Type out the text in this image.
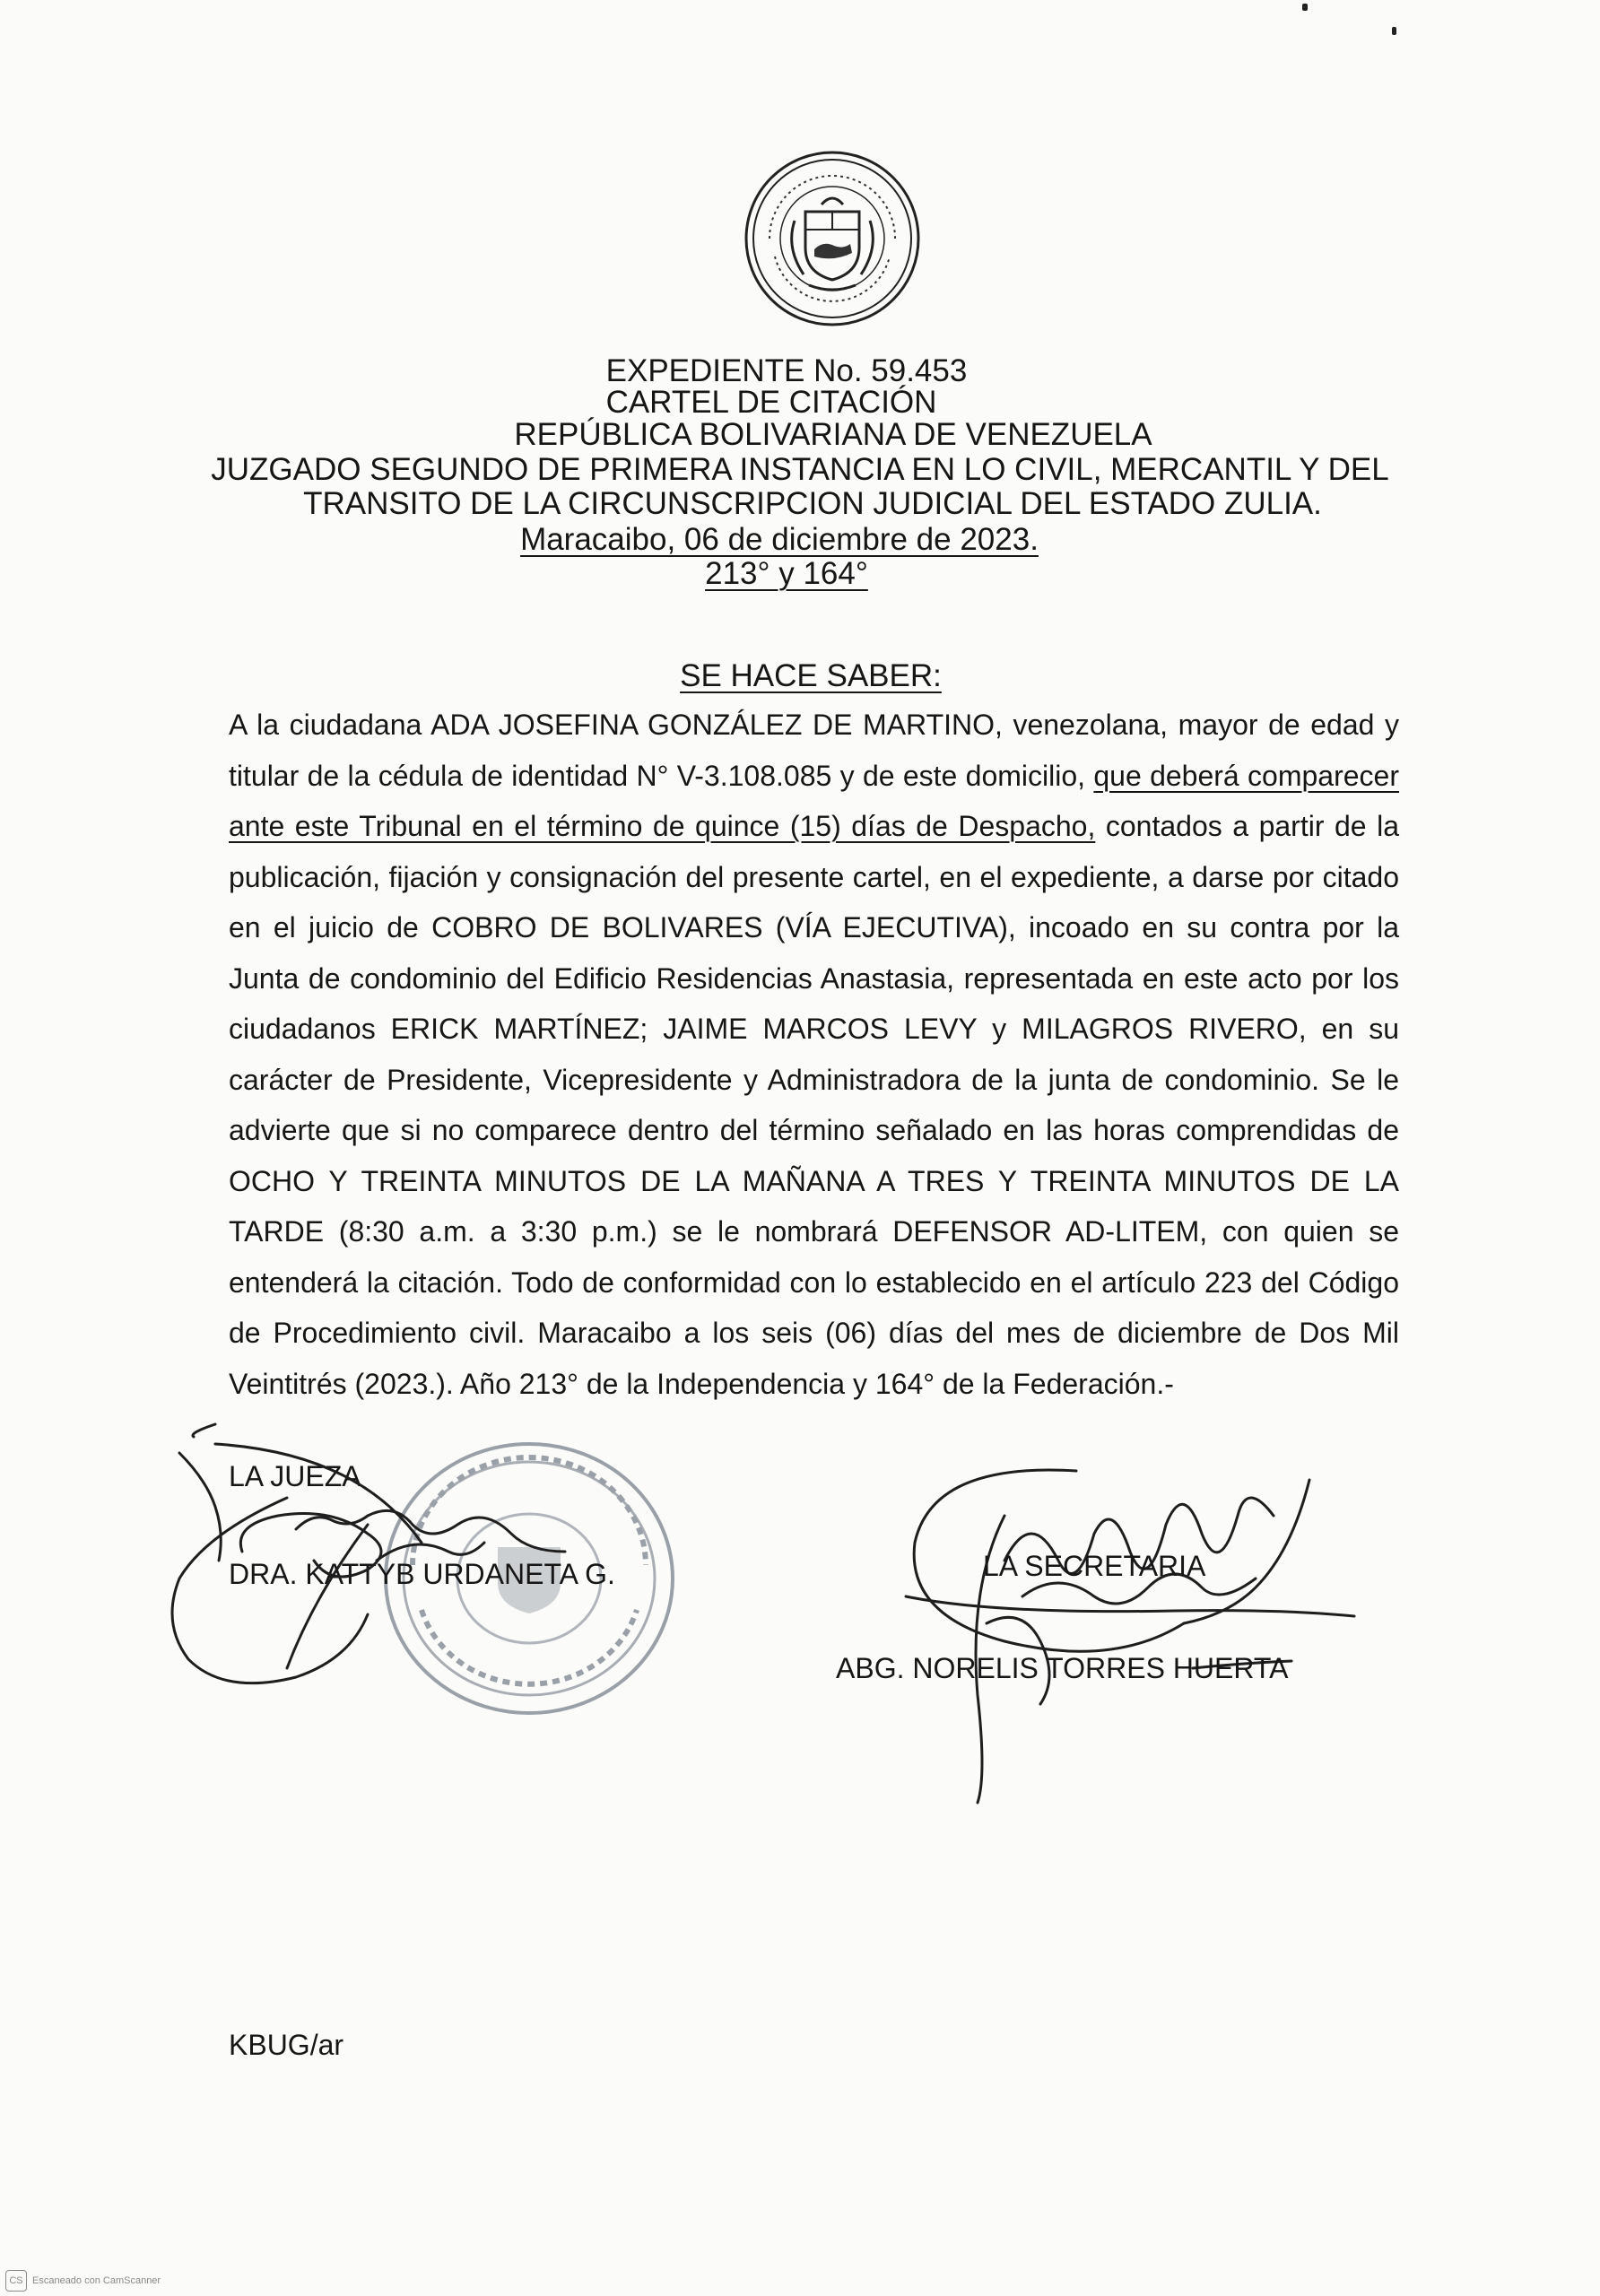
EXPEDIENTE No. 59.453
CARTEL DE CITACIÓN
REPÚBLICA BOLIVARIANA DE VENEZUELA
JUZGADO SEGUNDO DE PRIMERA INSTANCIA EN LO CIVIL, MERCANTIL Y DEL
TRANSITO DE LA CIRCUNSCRIPCION JUDICIAL DEL ESTADO ZULIA.
Maracaibo, 06 de diciembre de 2023.
213° y 164°
SE HACE SABER:
A la ciudadana ADA JOSEFINA GONZÁLEZ DE MARTINO, venezolana, mayor de edad y titular de la cédula de identidad N° V-3.108.085 y de este domicilio, que deberá comparecer ante este Tribunal en el término de quince (15) días de Despacho, contados a partir de la publicación, fijación y consignación del presente cartel, en el expediente, a darse por citado en el juicio de COBRO DE BOLIVARES (VÍA EJECUTIVA), incoado en su contra por la Junta de condominio del Edificio Residencias Anastasia, representada en este acto por los ciudadanos ERICK MARTÍNEZ; JAIME MARCOS LEVY y MILAGROS RIVERO, en su carácter de Presidente, Vicepresidente y Administradora de la junta de condominio. Se le advierte que si no comparece dentro del término señalado en las horas comprendidas de OCHO Y TREINTA MINUTOS DE LA MAÑANA A TRES Y TREINTA MINUTOS DE LA TARDE (8:30 a.m. a 3:30 p.m.) se le nombrará DEFENSOR AD-LITEM, con quien se entenderá la citación. Todo de conformidad con lo establecido en el artículo 223 del Código de Procedimiento civil. Maracaibo a los seis (06) días del mes de diciembre de Dos Mil Veintitrés (2023.). Año 213° de la Independencia y 164° de la Federación.-
LA JUEZA
DRA. KATTYB URDANETA G.	LA SECRETARIA
ABG. NORELIS TORRES HUERTA
KBUG/ar
CS Escaneado con CamScanner
